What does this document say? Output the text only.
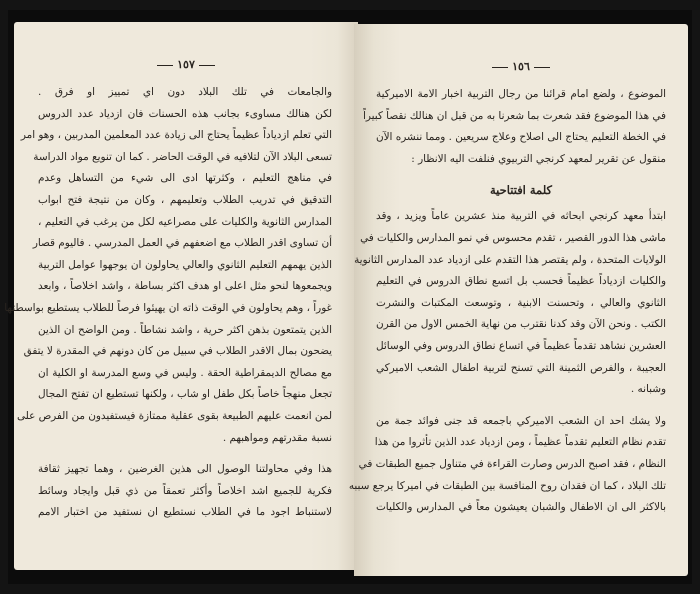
١٥٧
والجامعات في تلك البلاد دون اي تمييز او فرق .
لكن هنالك مساوىء بجانب هذه الحسنات فان ازدياد عدد الدروس
التي تعلم ازدياداً عظيماً يحتاج الى زيادة عدد المعلمين المدربين ، وهو امر
تسعى البلاد الآن لتلافيه في الوقت الحاضر . كما ان تنويع مواد الدراسة
في مناهج التعليم ، وكثرتها ادى الى شيء من التساهل وعدم
التدقيق في تدريب الطلاب وتعليمهم ، وكان من نتيجة فتح ابواب
المدارس الثانوية والكليات على مصراعيه لكل من يرغب في التعليم ،
أن تساوى اقدر الطلاب مع اضعفهم في العمل المدرسي . فاليوم قصار
الذين يهمهم التعليم الثانوي والعالي يحاولون ان يوجهوا عوامل التربية
ويجمعوها لنحو مثل اعلى او هدف اكثر بساطة ، واشد اخلاصاً ، وابعد
غوراً ، وهم يحاولون في الوقت ذاته ان يهيئوا فرصاً للطلاب يستطيع بواسطتها
الذين يتمتعون بذهن اكثر حرية ، واشد نشاطاً . ومن الواضح ان الذين
يضحون بمال الاقدر الطلاب في سبيل من كان دونهم في المقدرة لا يتفق
مع مصالح الديمقراطية الحقة . وليس في وسع المدرسة او الكلية ان
تجعل منهجاً خاصاً بكل طفل او شاب ، ولكنها تستطيع ان تفتح المجال
لمن انعمت عليهم الطبيعة بقوى عقلية ممتازة فيستفيدون من الفرص على
نسبة مقدرتهم ومواهبهم .
هذا وفي محاولتنا الوصول الى هذين الغرضين ، وهما تجهيز ثقافة
فكرية للجميع اشد اخلاصاً وأكثر تعمقاً من ذي قبل وايجاد وسائط
لاستنباط اجود ما في الطلاب نستطيع ان نستفيد من اختبار الامم
١٥٦
الموضوع ، ولضع امام قرائنا من رجال التربية اخبار الامة الاميركية
في هذا الموضوع فقد شعرت بما شعرنا به من قبل ان هنالك نقصاً كبيراً
في الخطة التعليم يحتاج الى اصلاح وعلاج سريعين . ومما ننشره الآن
منقول عن تقرير لمعهد كرنجي التربيوي فنلفت اليه الانظار :
كلمة افتتاحية
ابتدأ معهد كرنجي ابحاثه في التربية منذ عشرين عاماً ويزيد ، وقد
ماشى هذا الدور القصير ، تقدم محسوس في نمو المدارس والكليات في
الولايات المتحدة ، ولم يقتصر هذا التقدم على ازدياد عدد المدارس الثانوية
والكليات ازدياداً عظيماً فحسب بل اتسع نطاق الدروس في التعليم
الثانوي والعالي ، وتحسنت الابنية ، وتوسعت المكتبات والنشرت
الكتب . ونحن الآن وقد كدنا نقترب من نهاية الخمس الاول من القرن
العشرين نشاهد تقدماً عظيماً في اتساع نطاق الدروس وفي الوسائل
العجيبة ، والفرص الثمينة التي تسنح لتربية اطفال الشعب الاميركي
وشبانه .
ولا يشك احد ان الشعب الاميركي باجمعه قد جنى فوائد جمة من
تقدم نظام التعليم تقدماً عظيماً ، ومن ازدياد عدد الذين تأثروا من هذا
النظام ، فقد اصبح الدرس وصارت القراءة في متناول جميع الطبقات في
تلك البلاد ، كما ان فقدان روح المنافسة بين الطبقات في اميركا يرجع سببه
بالاكثر الى ان الاطفال والشبان يعيشون معاً في المدارس والكليات
